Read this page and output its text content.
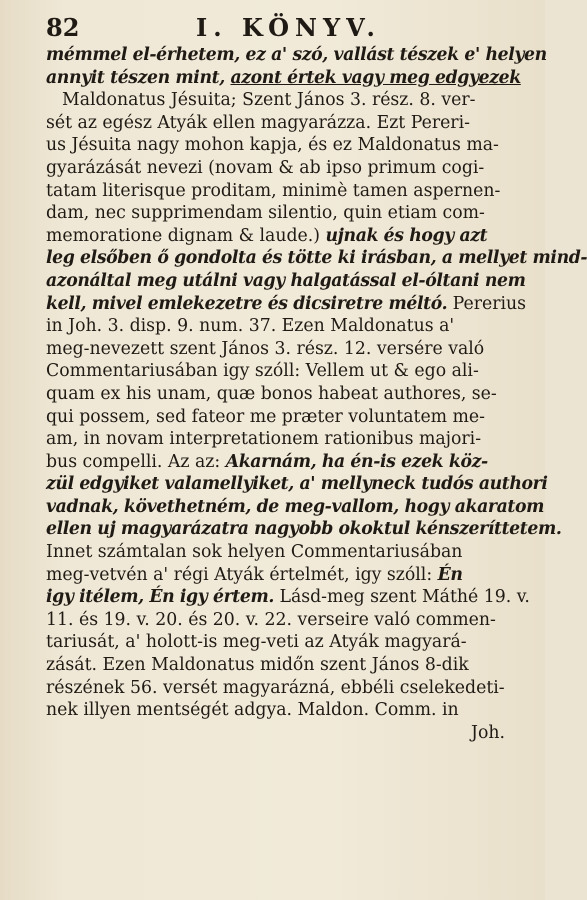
82	I. KÖNYV.
mémmel el-érhetem, ez a' szó, vallást tészek e' helyen
annyit tészen mint, azont értek vagy meg edgyezek
Maldonatus Jésuita; Szent János 3. rész. 8. ver-
sét az egész Atyák ellen magyarázza. Ezt Pereri-
us Jésuita nagy mohon kapja, és ez Maldonatus ma-
gyarázását nevezi (novam & ab ipso primum cogi-
tatam literisque proditam, minimè tamen aspernen-
dam, nec supprimendam silentio, quin etiam com-
memoratione dignam & laude.) ujnak és hogy azt
leg elsőben ő gondolta és tötte ki irásban, a mellyet mind-
azonáltal meg utálni vagy halgatással el-óltani nem
kell, mivel emlekezetre és dicsiretre méltó. Pererius
in Joh. 3. disp. 9. num. 37. Ezen Maldonatus a'
meg-nevezett szent János 3. rész. 12. versére való
Commentariusában igy szóll: Vellem ut & ego ali-
quam ex his unam, quæ bonos habeat authores, se-
qui possem, sed fateor me præter voluntatem me-
am, in novam interpretationem rationibus majori-
bus compelli. Az az: Akarnám, ha én-is ezek köz-
zül edgyiket valamellyiket, a' mellyneck tudós authori
vadnak, követhetném, de meg-vallom, hogy akaratom
ellen uj magyarázatra nagyobb okoktul kénszeríttetem.
Innet számtalan sok helyen Commentariusában
meg-vetvén a' régi Atyák értelmét, igy szóll: Én
igy itélem, Én igy értem. Lásd-meg szent Máthé 19. v.
11. és 19. v. 20. és 20. v. 22. verseire való commen-
tariusát, a' holott-is meg-veti az Atyák magyará-
zását. Ezen Maldonatus midőn szent János 8-dik
részének 56. versét magyarázná, ebbéli cselekedeti-
nek illyen mentségét adgya. Maldon. Comm. in
Joh.
